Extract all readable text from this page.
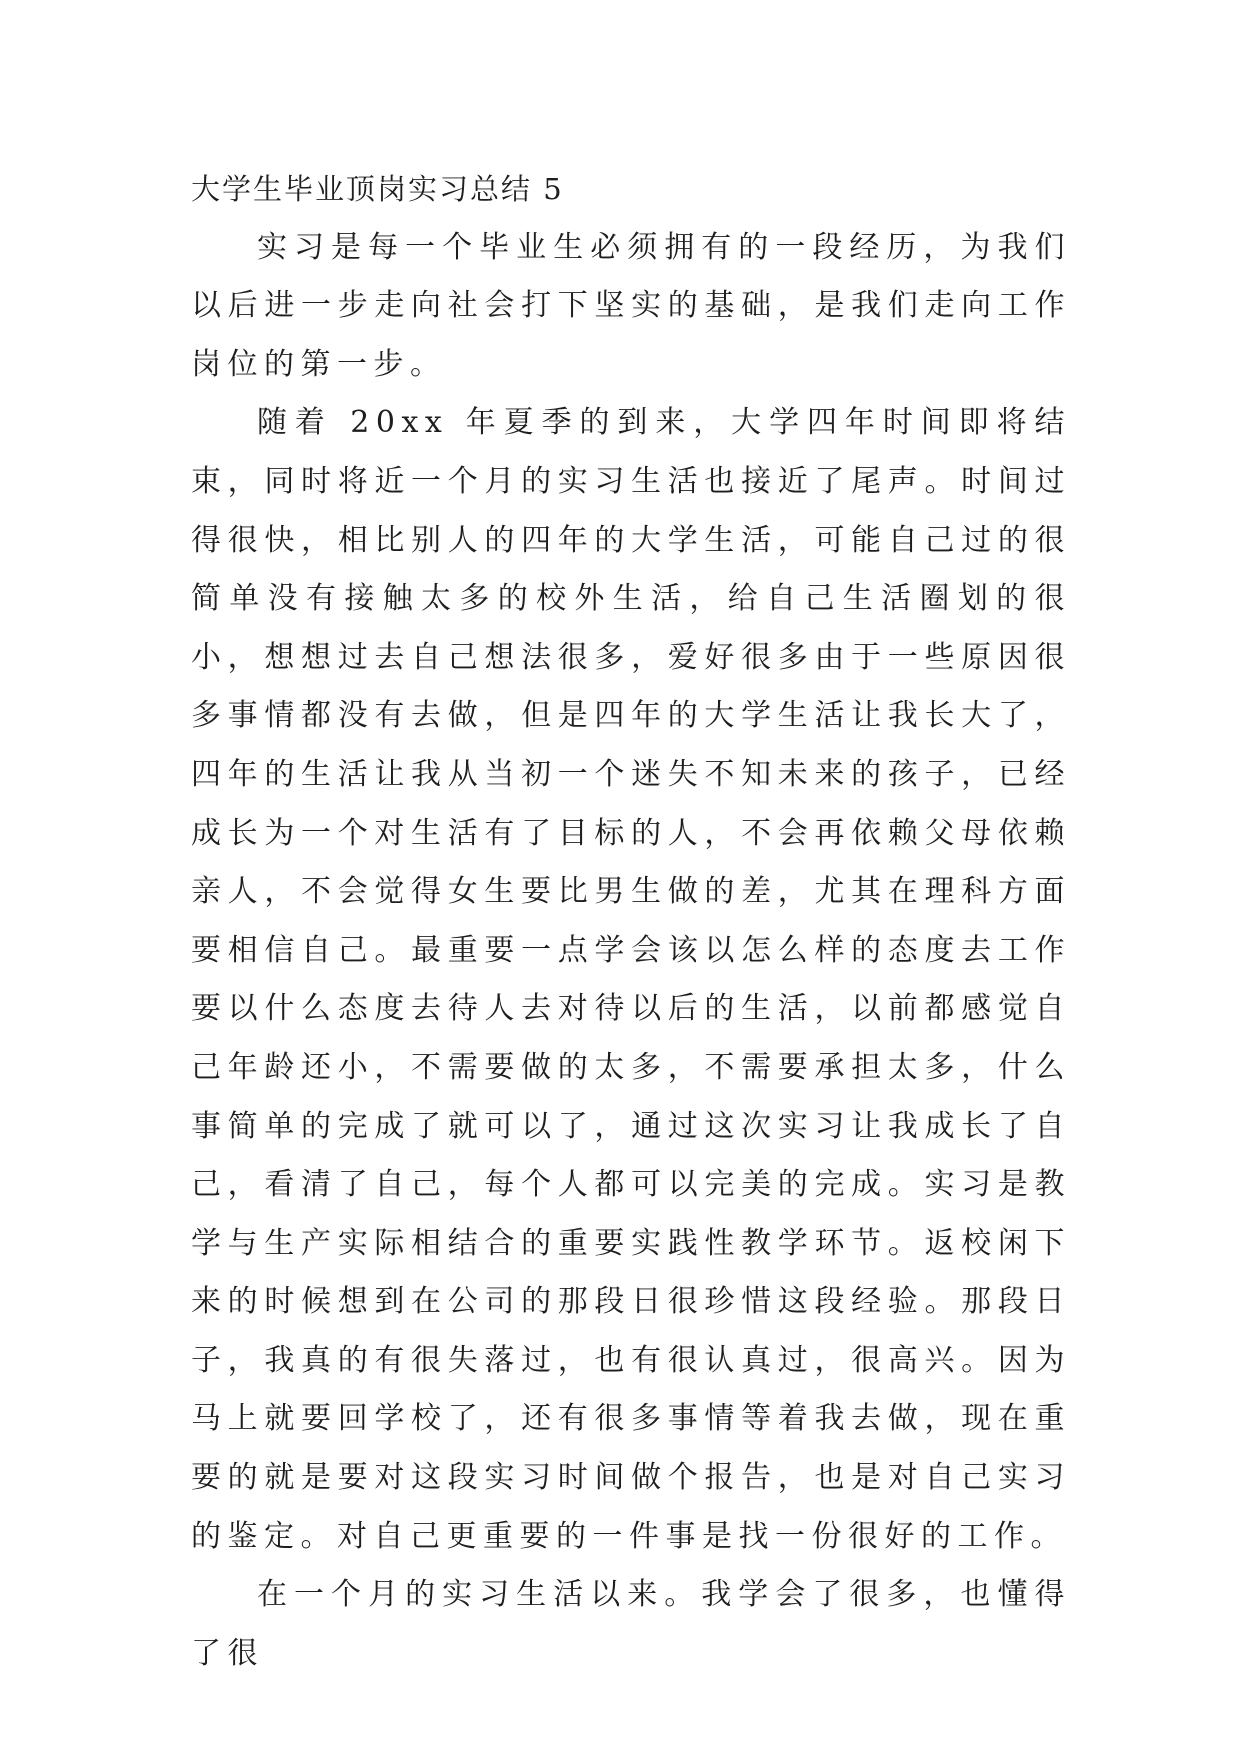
大学生毕业顶岗实习总结 5

实习是每一个毕业生必须拥有的一段经历，为我们以后进一步走向社会打下坚实的基础，是我们走向工作岗位的第一步。

随着 20xx 年夏季的到来，大学四年时间即将结束，同时将近一个月的实习生活也接近了尾声。时间过得很快，相比别人的四年的大学生活，可能自己过的很简单没有接触太多的校外生活，给自己生活圈划的很小，想想过去自己想法很多，爱好很多由于一些原因很多事情都没有去做，但是四年的大学生活让我长大了，四年的生活让我从当初一个迷失不知未来的孩子，已经成长为一个对生活有了目标的人，不会再依赖父母依赖亲人，不会觉得女生要比男生做的差，尤其在理科方面要相信自己。最重要一点学会该以怎么样的态度去工作要以什么态度去待人去对待以后的生活，以前都感觉自己年龄还小，不需要做的太多，不需要承担太多，什么事简单的完成了就可以了，通过这次实习让我成长了自己，看清了自己，每个人都可以完美的完成。实习是教学与生产实际相结合的重要实践性教学环节。返校闲下来的时候想到在公司的那段日很珍惜这段经验。那段日子，我真的有很失落过，也有很认真过，很高兴。因为马上就要回学校了，还有很多事情等着我去做，现在重要的就是要对这段实习时间做个报告，也是对自己实习的鉴定。对自己更重要的一件事是找一份很好的工作。

在一个月的实习生活以来。我学会了很多，也懂得了很
